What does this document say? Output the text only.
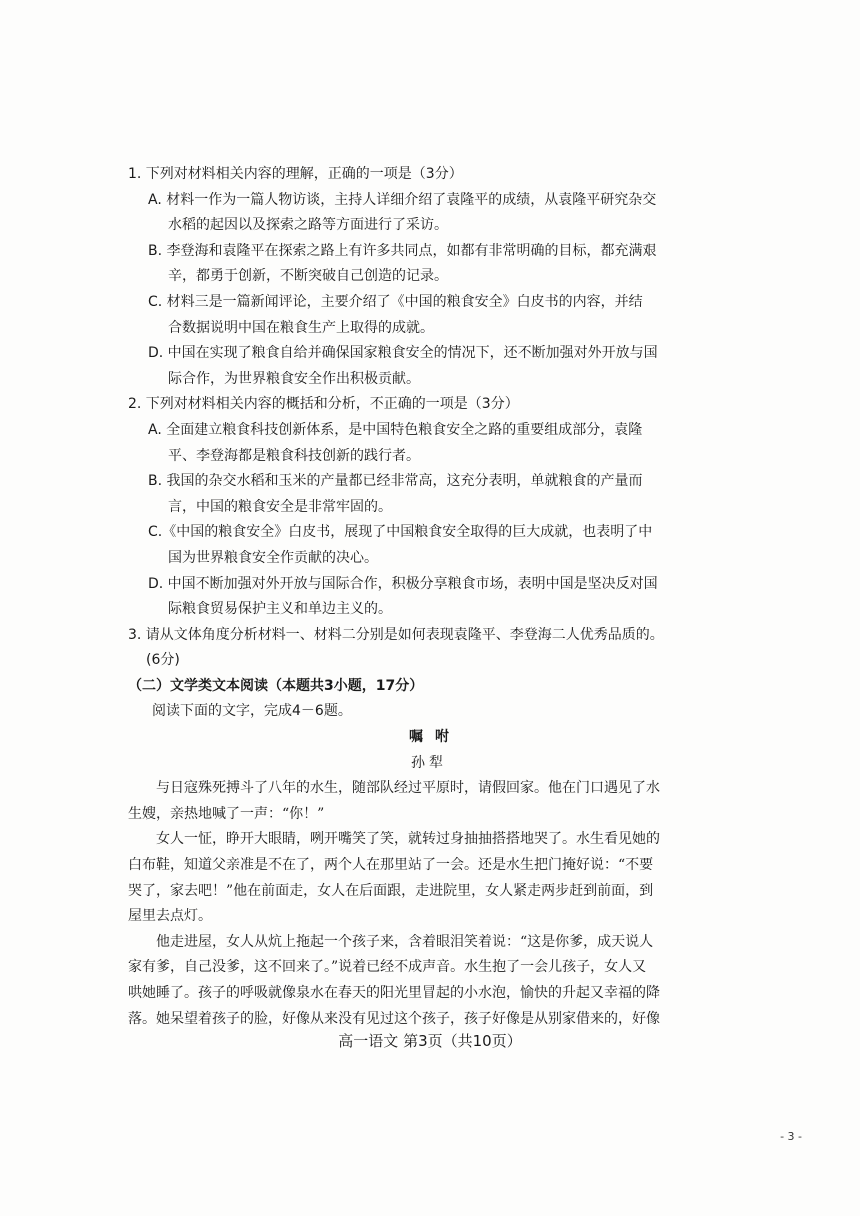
1. 下列对材料相关内容的理解，正确的一项是（3分）
A. 材料一作为一篇人物访谈，主持人详细介绍了袁隆平的成绩，从袁隆平研究杂交
水稻的起因以及探索之路等方面进行了采访。
B. 李登海和袁隆平在探索之路上有许多共同点，如都有非常明确的目标，都充满艰
辛，都勇于创新，不断突破自己创造的记录。
C. 材料三是一篇新闻评论，主要介绍了《中国的粮食安全》白皮书的内容，并结
合数据说明中国在粮食生产上取得的成就。
D. 中国在实现了粮食自给并确保国家粮食安全的情况下，还不断加强对外开放与国
际合作，为世界粮食安全作出积极贡献。
2. 下列对材料相关内容的概括和分析，不正确的一项是（3分）
A. 全面建立粮食科技创新体系，是中国特色粮食安全之路的重要组成部分，袁隆
平、李登海都是粮食科技创新的践行者。
B. 我国的杂交水稻和玉米的产量都已经非常高，这充分表明，单就粮食的产量而
言，中国的粮食安全是非常牢固的。
C.《中国的粮食安全》白皮书，展现了中国粮食安全取得的巨大成就，也表明了中
国为世界粮食安全作贡献的决心。
D. 中国不断加强对外开放与国际合作，积极分享粮食市场，表明中国是坚决反对国
际粮食贸易保护主义和单边主义的。
3. 请从文体角度分析材料一、材料二分别是如何表现袁隆平、李登海二人优秀品质的。
(6分)
（二）文学类文本阅读（本题共3小题，17分）
阅读下面的文字，完成4－6题。
嘱咐
孙犁
与日寇殊死搏斗了八年的水生，随部队经过平原时，请假回家。他在门口遇见了水
生嫂，亲热地喊了一声：“你！”
女人一怔，睁开大眼睛，咧开嘴笑了笑，就转过身抽抽搭搭地哭了。水生看见她的
白布鞋，知道父亲准是不在了，两个人在那里站了一会。还是水生把门掩好说：“不要
哭了，家去吧！”他在前面走，女人在后面跟，走进院里，女人紧走两步赶到前面，到
屋里去点灯。
他走进屋，女人从炕上拖起一个孩子来，含着眼泪笑着说：“这是你爹，成天说人
家有爹，自己没爹，这不回来了。”说着已经不成声音。水生抱了一会儿孩子，女人又
哄她睡了。孩子的呼吸就像泉水在春天的阳光里冒起的小水泡，愉快的升起又幸福的降
落。她呆望着孩子的脸，好像从来没有见过这个孩子，孩子好像是从别家借来的，好像
高一语文 第3页（共10页）
- 3 -
